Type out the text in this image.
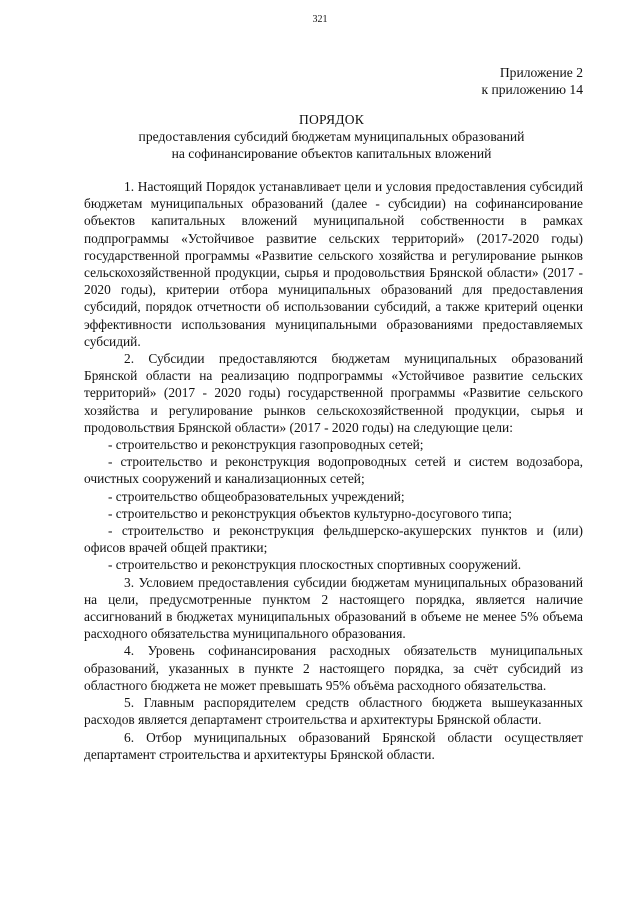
321
Приложение 2
к приложению 14
ПОРЯДОК
предоставления субсидий бюджетам муниципальных образований
на софинансирование объектов капитальных вложений

1. Настоящий Порядок устанавливает цели и условия предоставления субсидий бюджетам муниципальных образований (далее - субсидии) на софинансирование объектов капитальных вложений муниципальной собственности в рамках подпрограммы «Устойчивое развитие сельских территорий» (2017-2020 годы) государственной программы «Развитие сельского хозяйства и регулирование рынков сельскохозяйственной продукции, сырья и продовольствия Брянской области» (2017 - 2020 годы), критерии отбора муниципальных образований для предоставления субсидий, порядок отчетности об использовании субсидий, а также критерий оценки эффективности использования муниципальными образованиями предоставляемых субсидий.

2. Субсидии предоставляются бюджетам муниципальных образований Брянской области на реализацию подпрограммы «Устойчивое развитие сельских территорий» (2017 - 2020 годы) государственной программы «Развитие сельского хозяйства и регулирование рынков сельскохозяйственной продукции, сырья и продовольствия Брянской области» (2017 - 2020 годы) на следующие цели:

- строительство и реконструкция газопроводных сетей;

- строительство и реконструкция водопроводных сетей и систем водозабора, очистных сооружений и канализационных сетей;

- строительство общеобразовательных учреждений;

- строительство и реконструкция объектов культурно-досугового типа;

- строительство и реконструкция фельдшерско-акушерских пунктов и (или) офисов врачей общей практики;

- строительство и реконструкция плоскостных спортивных сооружений.

3. Условием предоставления субсидии бюджетам муниципальных образований на цели, предусмотренные пунктом 2 настоящего порядка, является наличие ассигнований в бюджетах муниципальных образований в объеме не менее 5% объема расходного обязательства муниципального образования.

4. Уровень софинансирования расходных обязательств муниципальных образований, указанных в пункте 2 настоящего порядка, за счёт субсидий из областного бюджета не может превышать 95% объёма расходного обязательства.

5. Главным распорядителем средств областного бюджета вышеуказанных расходов является департамент строительства и архитектуры Брянской области.

6. Отбор муниципальных образований Брянской области осуществляет департамент строительства и архитектуры Брянской области.
